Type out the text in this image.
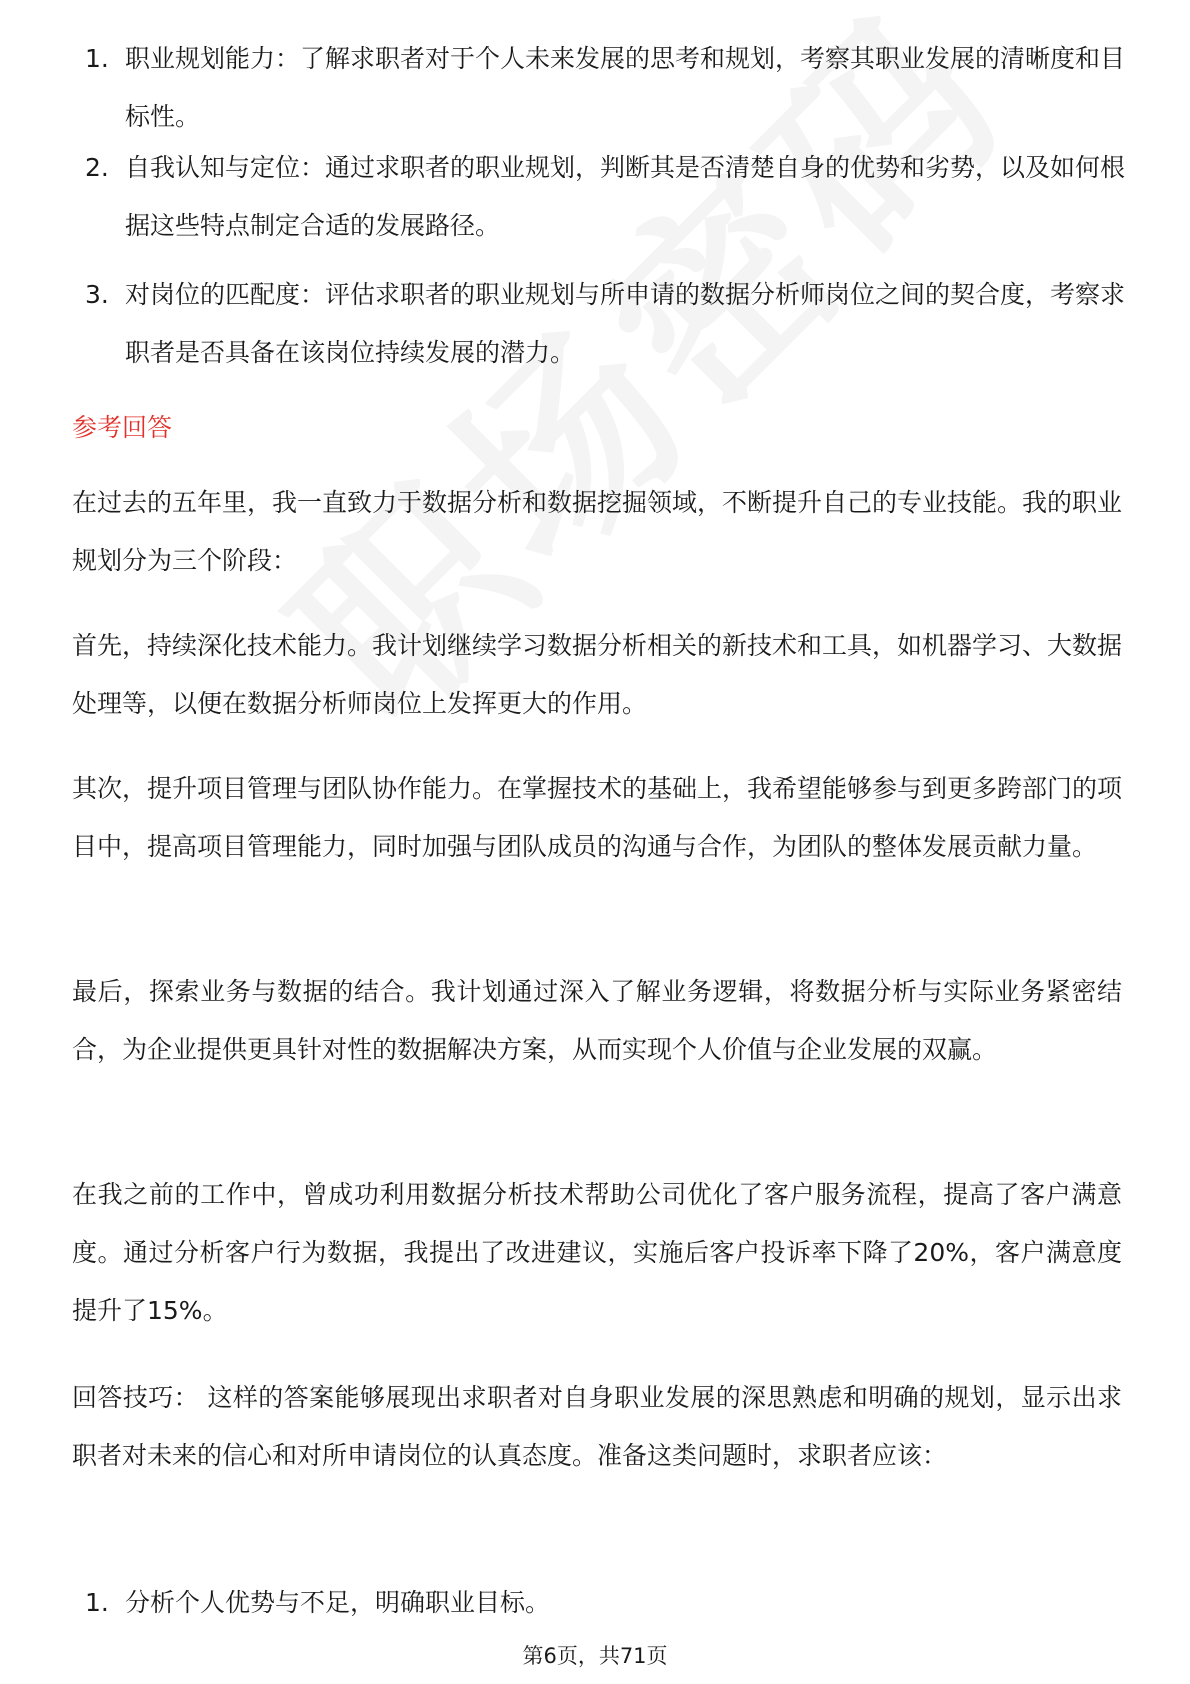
1. 职业规划能力：了解求职者对于个人未来发展的思考和规划，考察其职业发展的清晰度和目标性。
2. 自我认知与定位：通过求职者的职业规划，判断其是否清楚自身的优势和劣势，以及如何根据这些特点制定合适的发展路径。
3. 对岗位的匹配度：评估求职者的职业规划与所申请的数据分析师岗位之间的契合度，考察求职者是否具备在该岗位持续发展的潜力。
参考回答
在过去的五年里，我一直致力于数据分析和数据挖掘领域，不断提升自己的专业技能。我的职业规划分为三个阶段：
首先，持续深化技术能力。我计划继续学习数据分析相关的新技术和工具，如机器学习、大数据处理等，以便在数据分析师岗位上发挥更大的作用。
其次，提升项目管理与团队协作能力。在掌握技术的基础上，我希望能够参与到更多跨部门的项目中，提高项目管理能力，同时加强与团队成员的沟通与合作，为团队的整体发展贡献力量。
最后，探索业务与数据的结合。我计划通过深入了解业务逻辑，将数据分析与实际业务紧密结合，为企业提供更具针对性的数据解决方案，从而实现个人价值与企业发展的双赢。
在我之前的工作中，曾成功利用数据分析技术帮助公司优化了客户服务流程，提高了客户满意度。通过分析客户行为数据，我提出了改进建议，实施后客户投诉率下降了20%，客户满意度提升了15%。
回答技巧： 这样的答案能够展现出求职者对自身职业发展的深思熟虑和明确的规划，显示出求职者对未来的信心和对所申请岗位的认真态度。准备这类问题时，求职者应该：
1. 分析个人优势与不足，明确职业目标。
第6页，共71页
